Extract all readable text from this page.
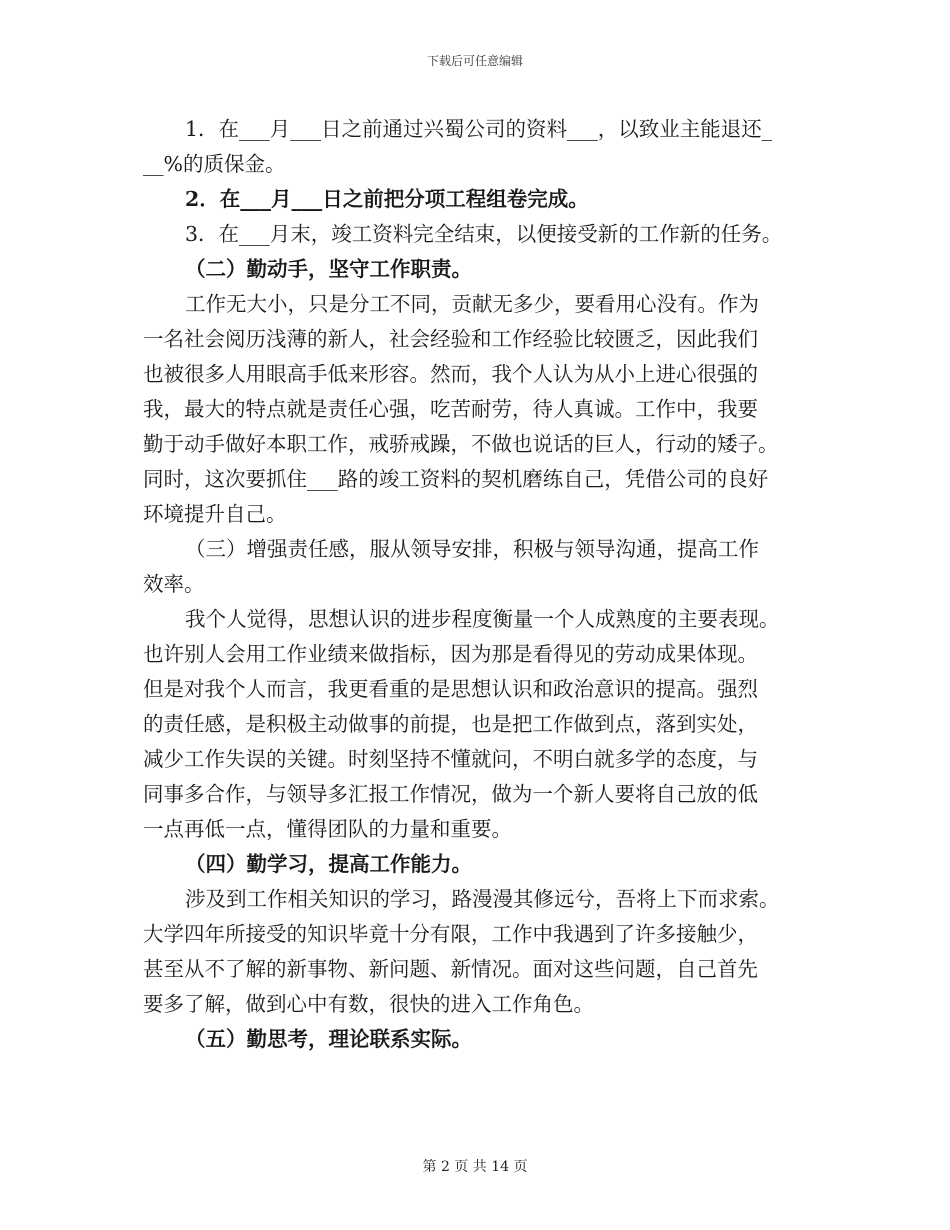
下载后可任意编辑
1．在___月___日之前通过兴蜀公司的资料___，以致业主能退还_
__%的质保金。
2．在___月___日之前把分项工程组卷完成。
3．在___月末，竣工资料完全结束，以便接受新的工作新的任务。
（二）勤动手，坚守工作职责。
工作无大小，只是分工不同，贡献无多少，要看用心没有。作为
一名社会阅历浅薄的新人，社会经验和工作经验比较匮乏，因此我们
也被很多人用眼高手低来形容。然而，我个人认为从小上进心很强的
我，最大的特点就是责任心强，吃苦耐劳，待人真诚。工作中，我要
勤于动手做好本职工作，戒骄戒躁，不做也说话的巨人，行动的矮子。
同时，这次要抓住___路的竣工资料的契机磨练自己，凭借公司的良好
环境提升自己。
（三）增强责任感，服从领导安排，积极与领导沟通，提高工作
效率。
我个人觉得，思想认识的进步程度衡量一个人成熟度的主要表现。
也许别人会用工作业绩来做指标，因为那是看得见的劳动成果体现。
但是对我个人而言，我更看重的是思想认识和政治意识的提高。强烈
的责任感，是积极主动做事的前提，也是把工作做到点，落到实处，
减少工作失误的关键。时刻坚持不懂就问，不明白就多学的态度，与
同事多合作，与领导多汇报工作情况，做为一个新人要将自己放的低
一点再低一点，懂得团队的力量和重要。
（四）勤学习，提高工作能力。
涉及到工作相关知识的学习，路漫漫其修远兮，吾将上下而求索。
大学四年所接受的知识毕竟十分有限，工作中我遇到了许多接触少，
甚至从不了解的新事物、新问题、新情况。面对这些问题，自己首先
要多了解，做到心中有数，很快的进入工作角色。
（五）勤思考，理论联系实际。
第 2 页 共 14 页
